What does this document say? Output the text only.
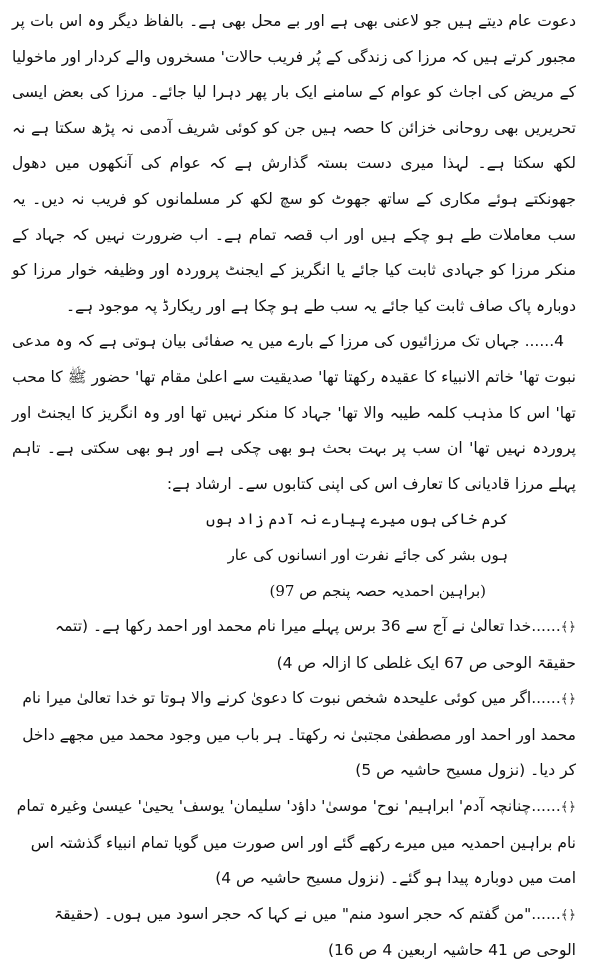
دعوت عام دیتے ہیں جو لاعنی بھی ہے اور بے محل بھی ہے۔ بالفاظ دیگر وہ اس بات پر مجبور کرتے ہیں کہ مرزا کی زندگی کے پُر فریب حالات' مسخروں والے کردار اور ماخولیا کے مریض کی اجاث کو عوام کے سامنے ایک بار پھر دہرا لیا جائے۔ مرزا کی بعض ایسی تحریریں بھی روحانی خزائن کا حصہ ہیں جن کو کوئی شریف آدمی نہ پڑھ سکتا ہے نہ لکھ سکتا ہے۔ لہذا میری دست بستہ گذارش ہے کہ عوام کی آنکھوں میں دھول جھونکتے ہوئے مکاری کے ساتھ جھوٹ کو سچ لکھ کر مسلمانوں کو فریب نہ دیں۔ یہ سب معاملات طے ہو چکے ہیں اور اب قصہ تمام ہے۔ اب ضرورت نہیں کہ جہاد کے منکر مرزا کو جہادی ثابت کیا جائے یا انگریز کے ایجنٹ پروردہ اور وظیفہ خوار مرزا کو دوبارہ پاک صاف ثابت کیا جائے یہ سب طے ہو چکا ہے اور ریکارڈ پہ موجود ہے۔

4...... جہاں تک مرزائیوں کی مرزا کے بارے میں یہ صفائی بیان ہوتی ہے کہ وہ مدعی نبوت تھا' خاتم الانبیاء کا عقیدہ رکھتا تھا' صدیقیت سے اعلیٰ مقام تھا' حضور ﷺ کا محب تھا' اس کا مذہب کلمہ طیبہ والا تھا' جہاد کا منکر نہیں تھا اور وہ انگریز کا ایجنٹ اور پروردہ نہیں تھا' ان سب پر بہت بحث ہو بھی چکی ہے اور ہو بھی سکتی ہے۔ تاہم پہلے مرزا قادیانی کا تعارف اس کی اپنی کتابوں سے۔ ارشاد ہے:

کرم خاکی ہوں میرے پیارے نہ آدم زاد ہوں

ہوں بشر کی جائے نفرت اور انسانوں کی عار

(براہین احمدیہ حصہ پنجم ص 97)

﴿﴾......خدا تعالیٰ نے آج سے 36 برس پہلے میرا نام محمد اور احمد رکھا ہے۔ (تتمہ حقیقۃ الوحی ص 67 ایک غلطی کا ازالہ ص 4)

﴿﴾......اگر میں کوئی علیحدہ شخص نبوت کا دعویٰ کرنے والا ہوتا تو خدا تعالیٰ میرا نام محمد اور احمد اور مصطفیٰ مجتبیٰ نہ رکھتا۔ ہر باب میں وجود محمد میں مجھے داخل کر دیا۔ (نزول مسیح حاشیہ ص 5)

﴿﴾......چنانچہ آدم' ابراہیم' نوح' موسیٰ' داؤد' سلیمان' یوسف' یحییٰ' عیسیٰ وغیرہ تمام نام براہین احمدیہ میں میرے رکھے گئے اور اس صورت میں گویا تمام انبیاء گذشتہ اس امت میں دوبارہ پیدا ہو گئے۔ (نزول مسیح حاشیہ ص 4)

﴿﴾......"من گفتم کہ حجر اسود منم" میں نے کہا کہ حجر اسود میں ہوں۔ (حقیقۃ الوحی ص 41 حاشیہ اربعین 4 ص 16)
